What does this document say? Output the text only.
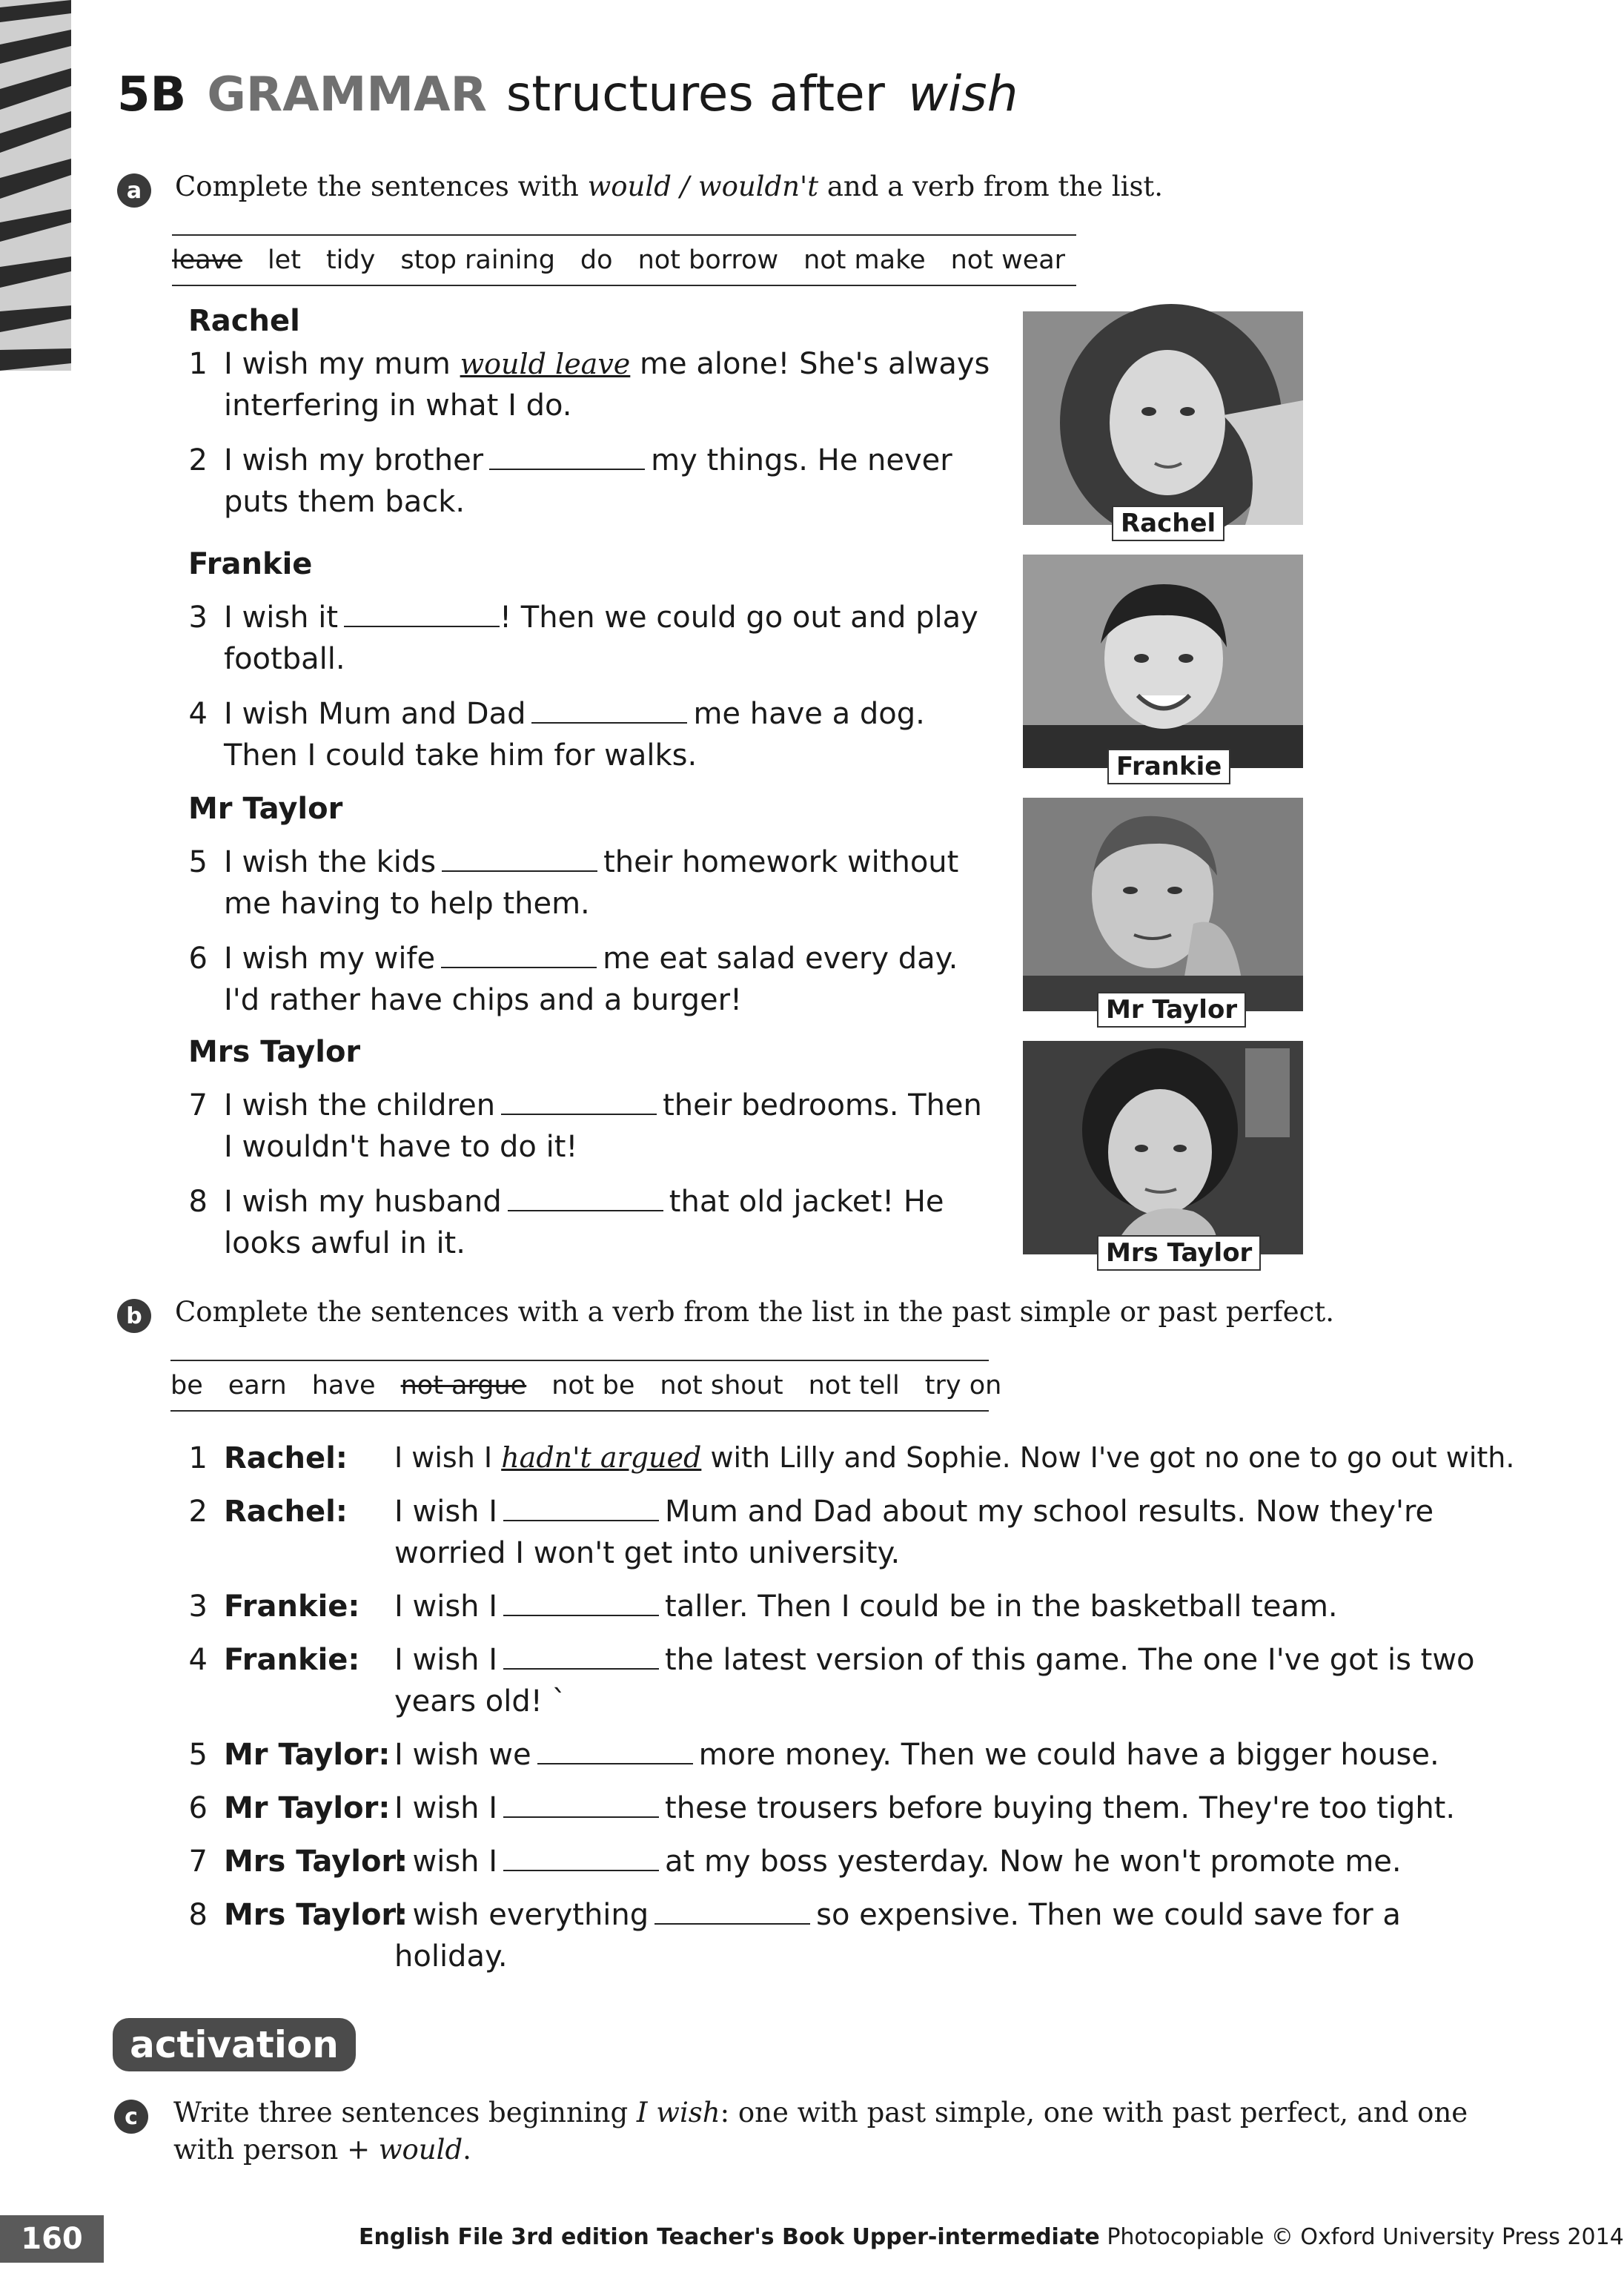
5B GRAMMAR structures after wish
a	Complete the sentences with would / wouldn't and a verb from the list.
leave let tidy stop raining do not borrow not make not wear
Rachel
1 I wish my mum would leave me alone! She's always
interfering in what I do.
2 I wish my brother	my things. He never
puts them back.
Frankie
3 I wish it	! Then we could go out and play
football.
4 I wish Mum and Dad	me have a dog.
Then I could take him for walks.
Mr Taylor
5 I wish the kids	their homework without
me having to help them.
6 I wish my wife	me eat salad every day.
I'd rather have chips and a burger!
Mrs Taylor
7 I wish the children	their bedrooms. Then
I wouldn't have to do it!
8 I wish my husband	that old jacket! He
looks awful in it.
Rachel
Frankie
Mr Taylor
Mrs Taylor
b	Complete the sentences with a verb from the list in the past simple or past perfect.
be earn have not argue not be not shout not tell try on
1 Rachel: I wish I hadn't argued with Lilly and Sophie. Now I've got no one to go out with.
2 Rachel: I wish I	Mum and Dad about my school results. Now they're
worried I won't get into university.
3 Frankie: I wish I	taller. Then I could be in the basketball team.
4 Frankie: I wish I	the latest version of this game. The one I've got is two
years old! `
5 Mr Taylor: I wish we	more money. Then we could have a bigger house.
6 Mr Taylor: I wish I	these trousers before buying them. They're too tight.
7 Mrs Taylor:
I wish I	at my boss yesterday. Now he won't promote me.
8 Mrs Taylor:
I wish everything	so expensive. Then we could save for a
holiday.
activation
c	Write three sentences beginning I wish: one with past simple, one with past perfect, and one
with person + would.
160	English File 3rd edition Teacher's Book Upper-intermediate Photocopiable © Oxford University Press 2014
